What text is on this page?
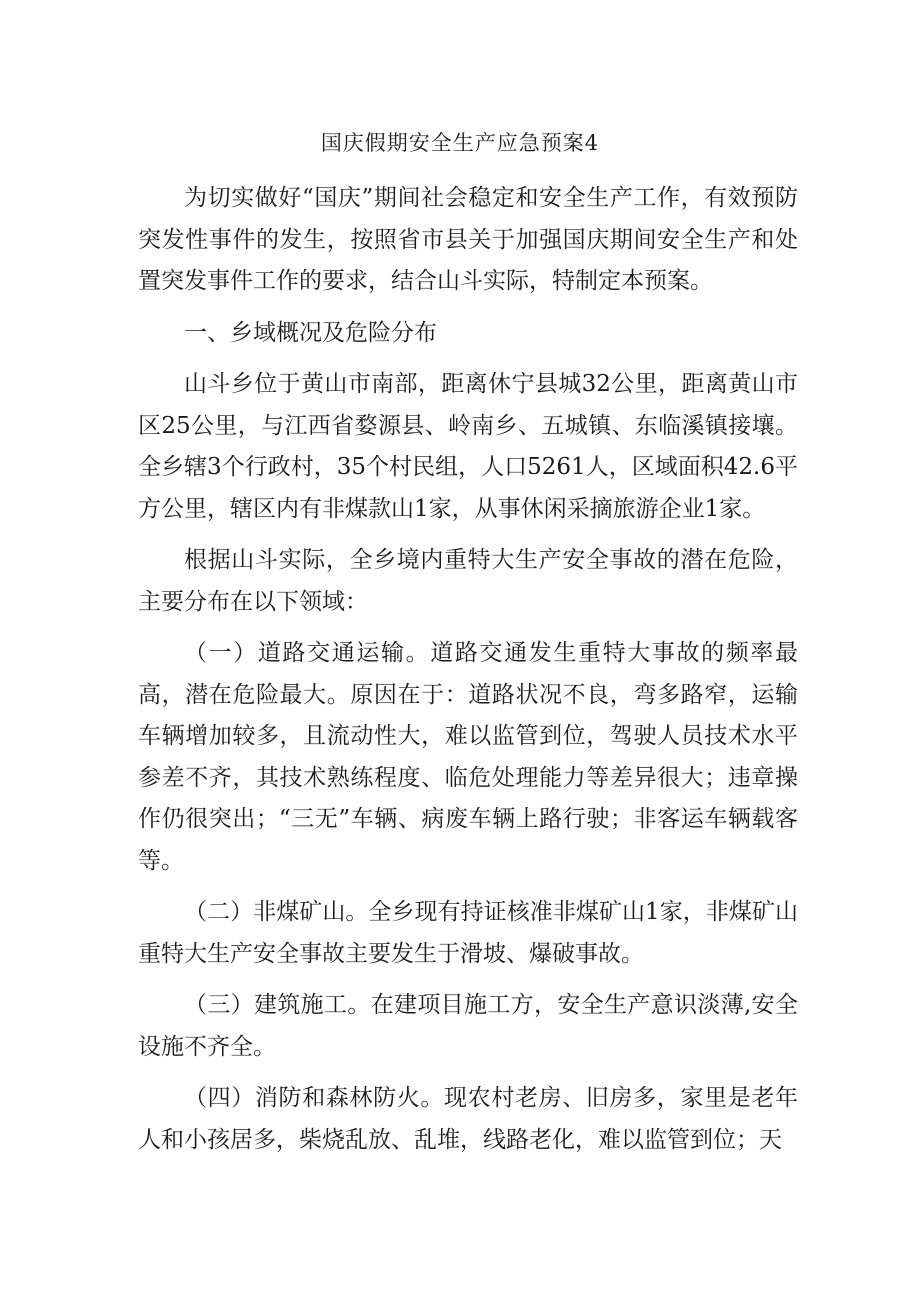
国庆假期安全生产应急预案4

为切实做好“国庆”期间社会稳定和安全生产工作，有效预防突发性事件的发生，按照省市县关于加强国庆期间安全生产和处置突发事件工作的要求，结合山斗实际，特制定本预案。

一、乡域概况及危险分布

山斗乡位于黄山市南部，距离休宁县城32公里，距离黄山市区25公里，与江西省婺源县、岭南乡、五城镇、东临溪镇接壤。全乡辖3个行政村，35个村民组，人口5261人，区域面积42.6平方公里，辖区内有非煤款山1家，从事休闲采摘旅游企业1家。

根据山斗实际，全乡境内重特大生产安全事故的潜在危险，主要分布在以下领域：

（一）道路交通运输。道路交通发生重特大事故的频率最高，潜在危险最大。原因在于：道路状况不良，弯多路窄，运输车辆增加较多，且流动性大，难以监管到位，驾驶人员技术水平参差不齐，其技术熟练程度、临危处理能力等差异很大；违章操作仍很突出；“三无”车辆、病废车辆上路行驶；非客运车辆载客等。

（二）非煤矿山。全乡现有持证核准非煤矿山1家，非煤矿山重特大生产安全事故主要发生于滑坡、爆破事故。

（三）建筑施工。在建项目施工方，安全生产意识淡薄,安全设施不齐全。

（四）消防和森林防火。现农村老房、旧房多，家里是老年人和小孩居多，柴烧乱放、乱堆，线路老化，难以监管到位；天
